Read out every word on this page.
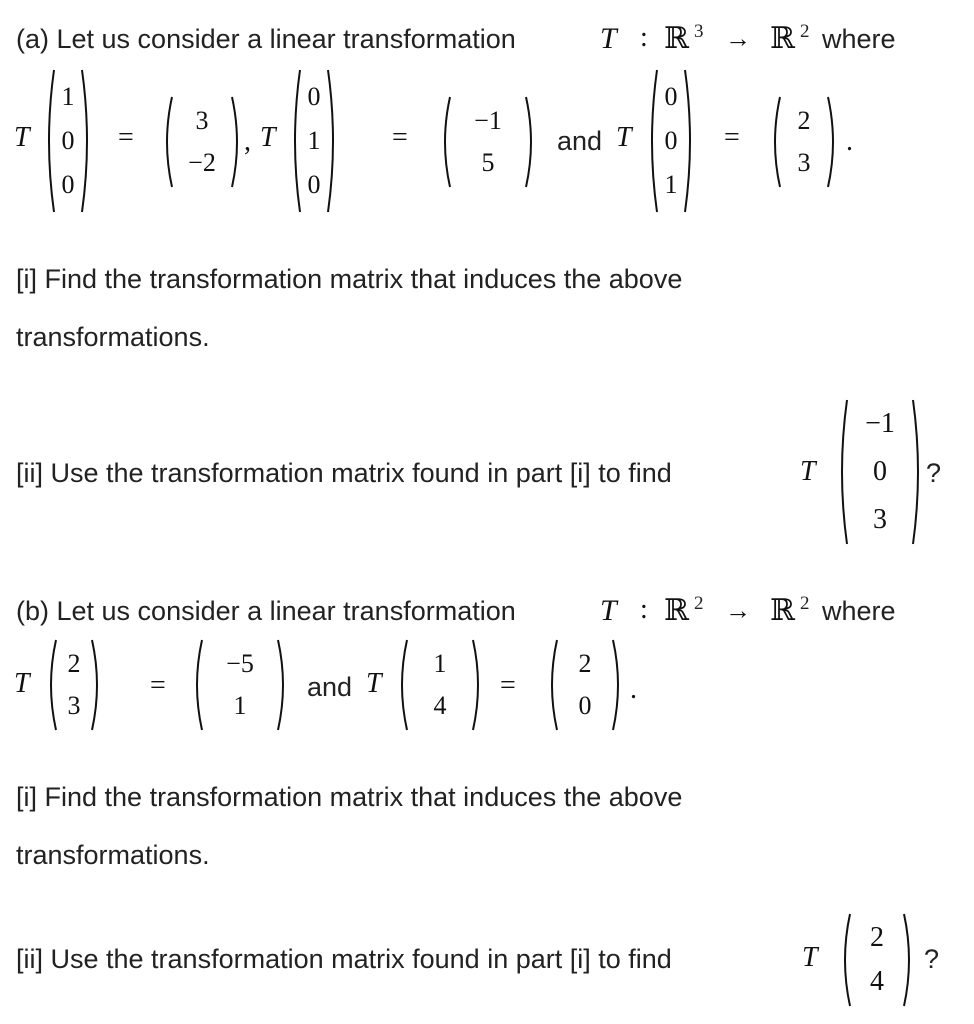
(a) Let us consider a linear transformation	T : ℝ 3 → ℝ 2 where
T
1
0
0
=
3
−2
, T
0
1
0
=
−1
5
and T
0
0
1
=
2
3
.
[i] Find the transformation matrix that induces the above
transformations.
[ii] Use the transformation matrix found in part [i] to find	T
−1
0
3
?
(b) Let us consider a linear transformation	T : ℝ 2 → ℝ 2 where
T
2
3
=
−5
1
and T
1
4
=
2
0
.
[i] Find the transformation matrix that induces the above
transformations.
[ii] Use the transformation matrix found in part [i] to find	T
2
4
?
